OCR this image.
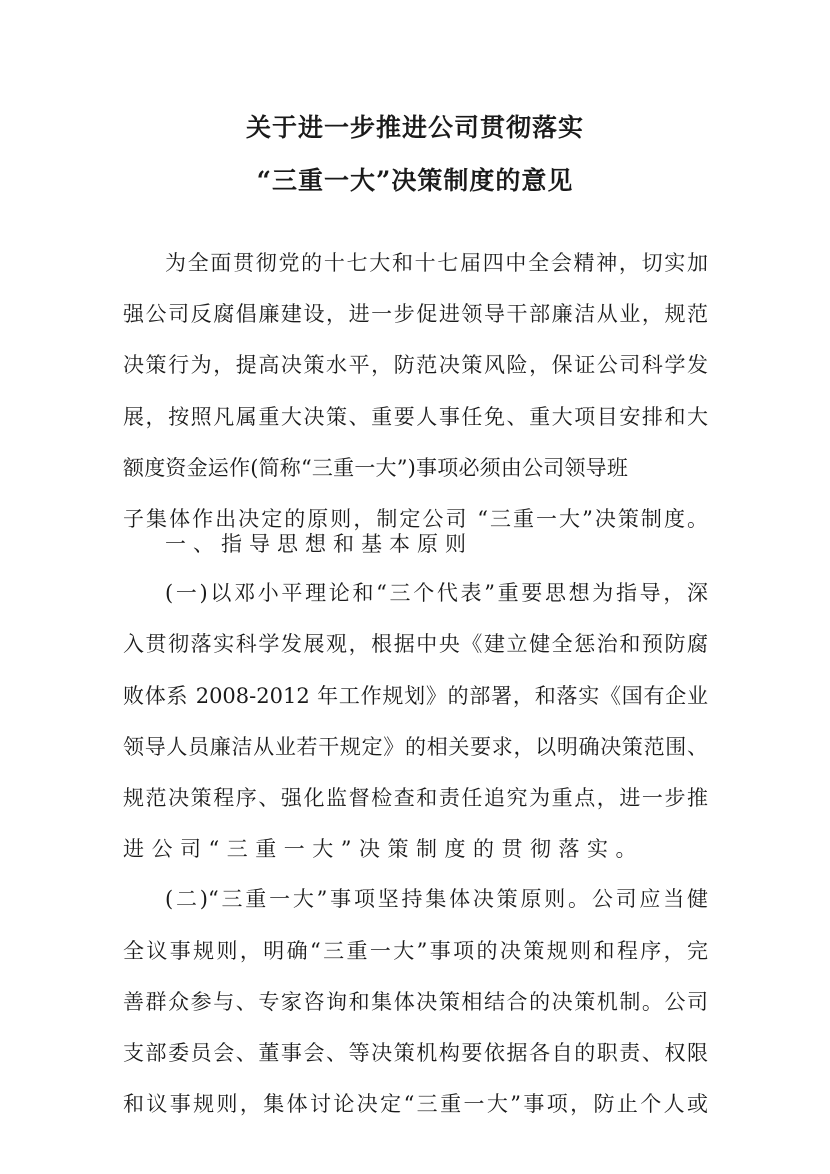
关于进一步推进公司贯彻落实
“三重一大”决策制度的意见
为全面贯彻党的十七大和十七届四中全会精神，切实加
强公司反腐倡廉建设，进一步促进领导干部廉洁从业，规范
决策行为，提高决策水平，防范决策风险，保证公司科学发
展，按照凡属重大决策、重要人事任免、重大项目安排和大
额度资金运作(简称“三重一大”)事项必须由公司领导班
子集体作出决定的原则，制定公司 “三重一大”决策制度。
一、指导思想和基本原则
(一)以邓小平理论和“三个代表”重要思想为指导，深
入贯彻落实科学发展观，根据中央《建立健全惩治和预防腐
败体系 2008-2012 年工作规划》的部署，和落实《国有企业
领导人员廉洁从业若干规定》的相关要求，以明确决策范围、
规范决策程序、强化监督检查和责任追究为重点，进一步推
进公司“三重一大”决策制度的贯彻落实。
(二)“三重一大”事项坚持集体决策原则。公司应当健
全议事规则，明确“三重一大”事项的决策规则和程序，完
善群众参与、专家咨询和集体决策相结合的决策机制。公司
支部委员会、董事会、等决策机构要依据各自的职责、权限
和议事规则，集体讨论决定“三重一大”事项，防止个人或
